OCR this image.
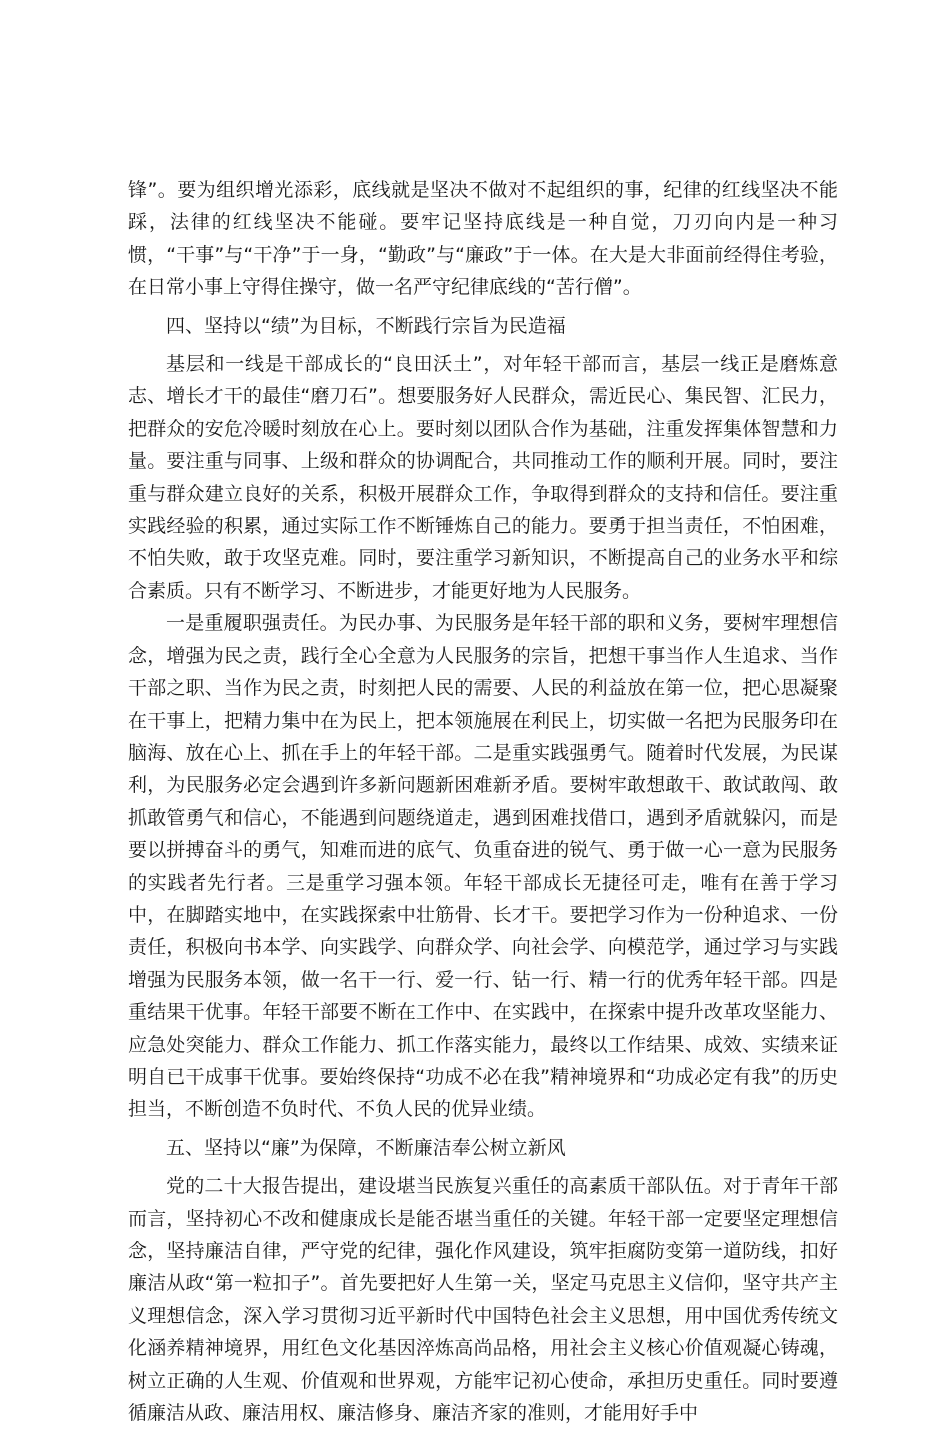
锋”。要为组织增光添彩，底线就是坚决不做对不起组织的事，纪律的红线坚决不能踩，法律的红线坚决不能碰。要牢记坚持底线是一种自觉，刀刃向内是一种习惯，“干事”与“干净”于一身，“勤政”与“廉政”于一体。在大是大非面前经得住考验，在日常小事上守得住操守，做一名严守纪律底线的“苦行僧”。

四、坚持以“绩”为目标，不断践行宗旨为民造福

基层和一线是干部成长的“良田沃土”，对年轻干部而言，基层一线正是磨炼意志、增长才干的最佳“磨刀石”。想要服务好人民群众，需近民心、集民智、汇民力，把群众的安危冷暖时刻放在心上。要时刻以团队合作为基础，注重发挥集体智慧和力量。要注重与同事、上级和群众的协调配合，共同推动工作的顺利开展。同时，要注重与群众建立良好的关系，积极开展群众工作，争取得到群众的支持和信任。要注重实践经验的积累，通过实际工作不断锤炼自己的能力。要勇于担当责任，不怕困难，不怕失败，敢于攻坚克难。同时，要注重学习新知识，不断提高自己的业务水平和综合素质。只有不断学习、不断进步，才能更好地为人民服务。

一是重履职强责任。为民办事、为民服务是年轻干部的职和义务，要树牢理想信念，增强为民之责，践行全心全意为人民服务的宗旨，把想干事当作人生追求、当作干部之职、当作为民之责，时刻把人民的需要、人民的利益放在第一位，把心思凝聚在干事上，把精力集中在为民上，把本领施展在利民上，切实做一名把为民服务印在脑海、放在心上、抓在手上的年轻干部。二是重实践强勇气。随着时代发展，为民谋利，为民服务必定会遇到许多新问题新困难新矛盾。要树牢敢想敢干、敢试敢闯、敢抓敢管勇气和信心，不能遇到问题绕道走，遇到困难找借口，遇到矛盾就躲闪，而是要以拼搏奋斗的勇气，知难而进的底气、负重奋进的锐气、勇于做一心一意为民服务的实践者先行者。三是重学习强本领。年轻干部成长无捷径可走，唯有在善于学习中，在脚踏实地中，在实践探索中壮筋骨、长才干。要把学习作为一份种追求、一份责任，积极向书本学、向实践学、向群众学、向社会学、向模范学，通过学习与实践增强为民服务本领，做一名干一行、爱一行、钻一行、精一行的优秀年轻干部。四是重结果干优事。年轻干部要不断在工作中、在实践中，在探索中提升改革攻坚能力、应急处突能力、群众工作能力、抓工作落实能力，最终以工作结果、成效、实绩来证明自已干成事干优事。要始终保持“功成不必在我”精神境界和“功成必定有我”的历史担当，不断创造不负时代、不负人民的优异业绩。

五、坚持以“廉”为保障，不断廉洁奉公树立新风

党的二十大报告提出，建设堪当民族复兴重任的高素质干部队伍。对于青年干部而言，坚持初心不改和健康成长是能否堪当重任的关键。年轻干部一定要坚定理想信念，坚持廉洁自律，严守党的纪律，强化作风建设，筑牢拒腐防变第一道防线，扣好廉洁从政“第一粒扣子”。首先要把好人生第一关，坚定马克思主义信仰，坚守共产主义理想信念，深入学习贯彻习近平新时代中国特色社会主义思想，用中国优秀传统文化涵养精神境界，用红色文化基因淬炼高尚品格，用社会主义核心价值观凝心铸魂，树立正确的人生观、价值观和世界观，方能牢记初心使命，承担历史重任。同时要遵循廉洁从政、廉洁用权、廉洁修身、廉洁齐家的准则，才能用好手中
